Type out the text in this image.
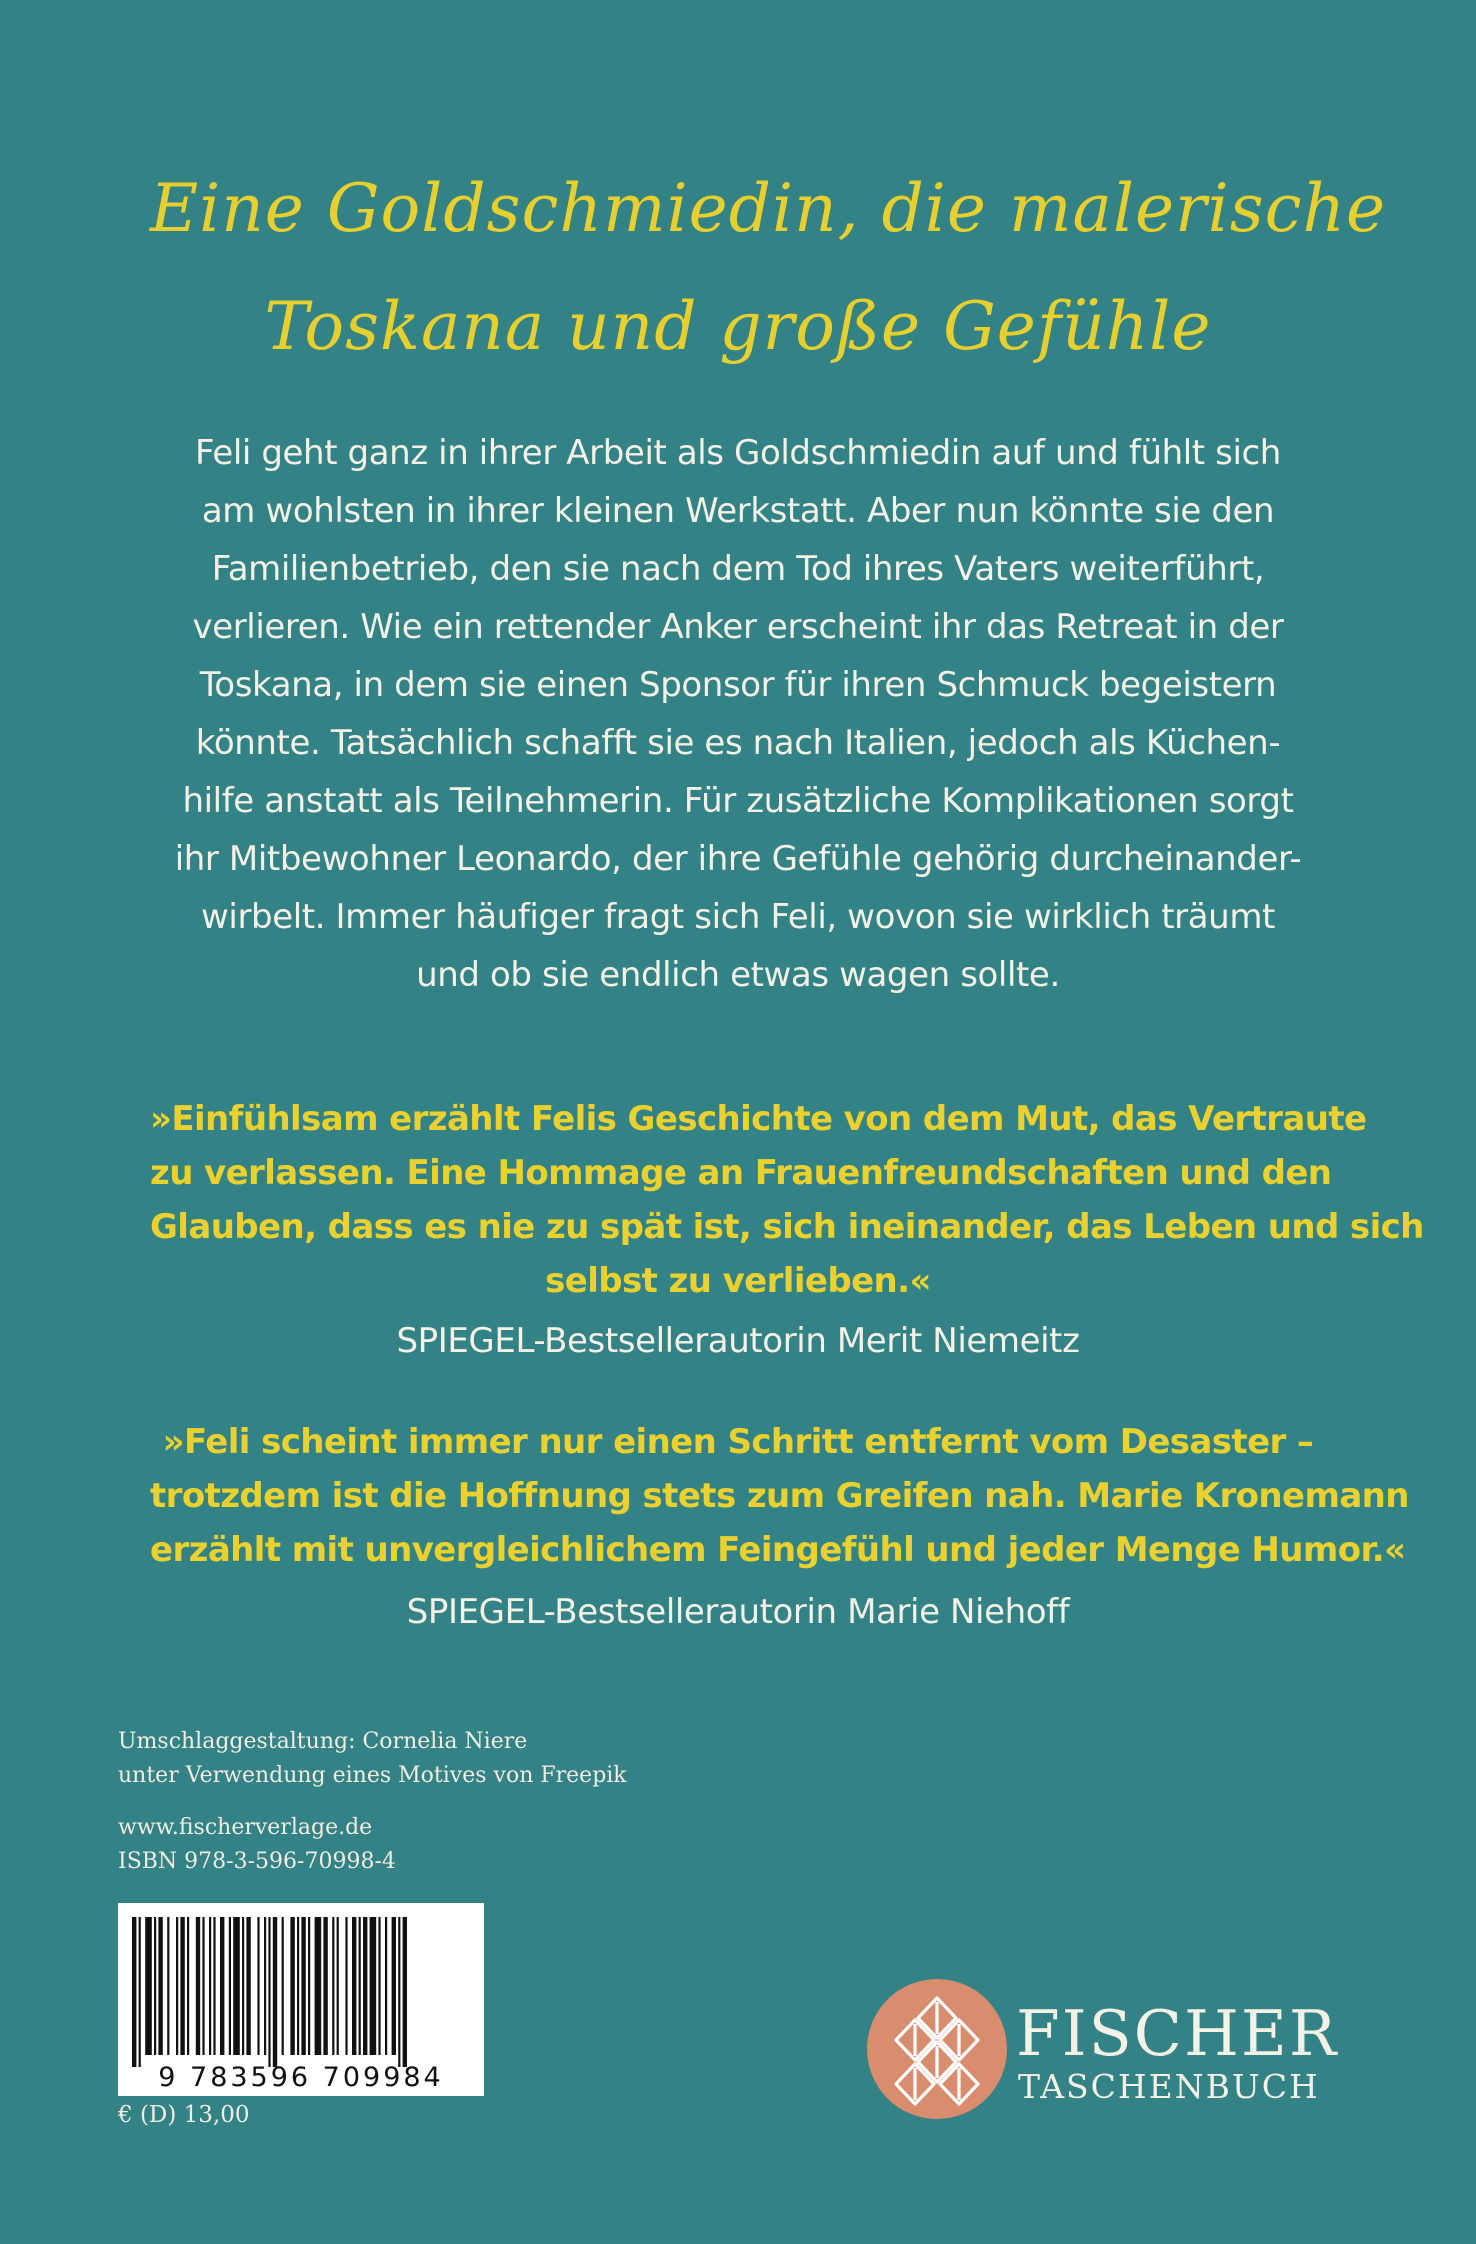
Eine Goldschmiedin, die malerische
Toskana und große Gefühle
Feli geht ganz in ihrer Arbeit als Goldschmiedin auf und fühlt sich
am wohlsten in ihrer kleinen Werkstatt. Aber nun könnte sie den
Familienbetrieb, den sie nach dem Tod ihres Vaters weiterführt,
verlieren. Wie ein rettender Anker erscheint ihr das Retreat in der
Toskana, in dem sie einen Sponsor für ihren Schmuck begeistern
könnte. Tatsächlich schafft sie es nach Italien, jedoch als Küchen-
hilfe anstatt als Teilnehmerin. Für zusätzliche Komplikationen sorgt
ihr Mitbewohner Leonardo, der ihre Gefühle gehörig durcheinander-
wirbelt. Immer häufiger fragt sich Feli, wovon sie wirklich träumt
und ob sie endlich etwas wagen sollte.
»Einfühlsam erzählt Felis Geschichte von dem Mut, das Vertraute
zu verlassen. Eine Hommage an Frauenfreundschaften und den
Glauben, dass es nie zu spät ist, sich ineinander, das Leben und sich
selbst zu verlieben.«
SPIEGEL-Bestsellerautorin Merit Niemeitz
»Feli scheint immer nur einen Schritt entfernt vom Desaster –
trotzdem ist die Hoffnung stets zum Greifen nah. Marie Kronemann
erzählt mit unvergleichlichem Feingefühl und jeder Menge Humor.«
SPIEGEL-Bestsellerautorin Marie Niehoff
Umschlaggestaltung: Cornelia Niere
unter Verwendung eines Motives von Freepik
www.fischerverlage.de
ISBN 978-3-596-70998-4
9 783596 709984
€ (D) 13,00
FISCHER
TASCHENBUCH
